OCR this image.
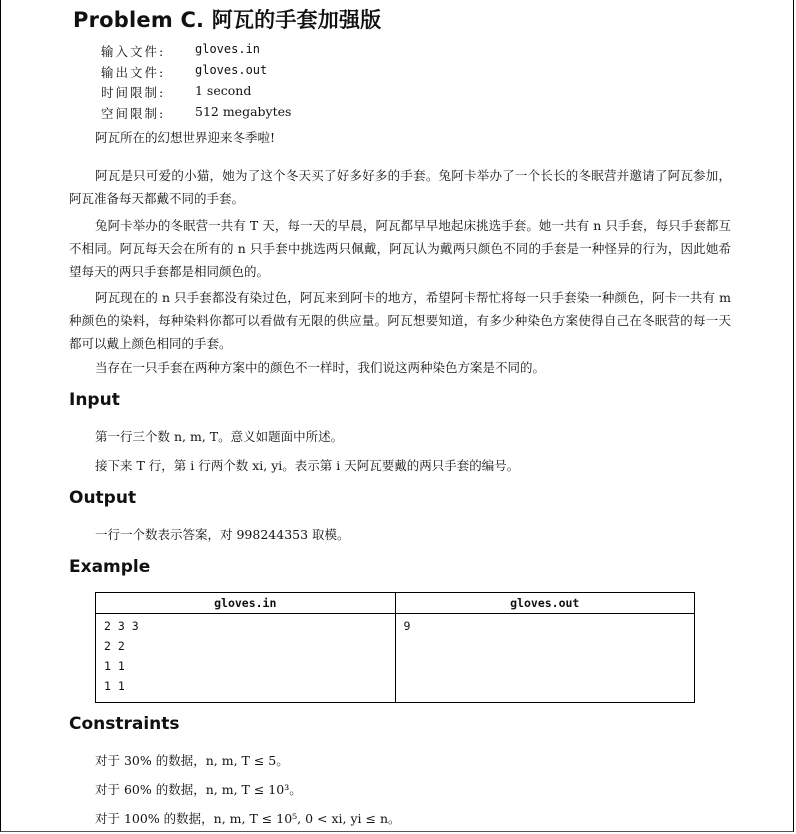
Problem C. 阿瓦的手套加强版
输入文件:	gloves.in
输出文件:	gloves.out
时间限制:	1 second
空间限制:	512 megabytes

阿瓦所在的幻想世界迎来冬季啦!

阿瓦是只可爱的小猫，她为了这个冬天买了好多好多的手套。兔阿卡举办了一个长长的冬眠营并邀请了阿瓦参加，阿瓦准备每天都戴不同的手套。

兔阿卡举办的冬眠营一共有 T 天，每一天的早晨，阿瓦都早早地起床挑选手套。她一共有 n 只手套，每只手套都互不相同。阿瓦每天会在所有的 n 只手套中挑选两只佩戴，阿瓦认为戴两只颜色不同的手套是一种怪异的行为，因此她希望每天的两只手套都是相同颜色的。

阿瓦现在的 n 只手套都没有染过色，阿瓦来到阿卡的地方，希望阿卡帮忙将每一只手套染一种颜色，阿卡一共有 m 种颜色的染料，每种染料你都可以看做有无限的供应量。阿瓦想要知道，有多少种染色方案使得自己在冬眠营的每一天都可以戴上颜色相同的手套。

当存在一只手套在两种方案中的颜色不一样时，我们说这两种染色方案是不同的。

Input

第一行三个数 n, m, T。意义如题面中所述。

接下来 T 行，第 i 行两个数 xi, yi。表示第 i 天阿瓦要戴的两只手套的编号。

Output

一行一个数表示答案，对 998244353 取模。

Example
gloves.in	gloves.out

2 3 3
2 2
1 1
1 1	9
Constraints

对于 30% 的数据，n, m, T ≤ 5。

对于 60% 的数据，n, m, T ≤ 10³。

对于 100% 的数据，n, m, T ≤ 10⁵, 0 < xi, yi ≤ n。
